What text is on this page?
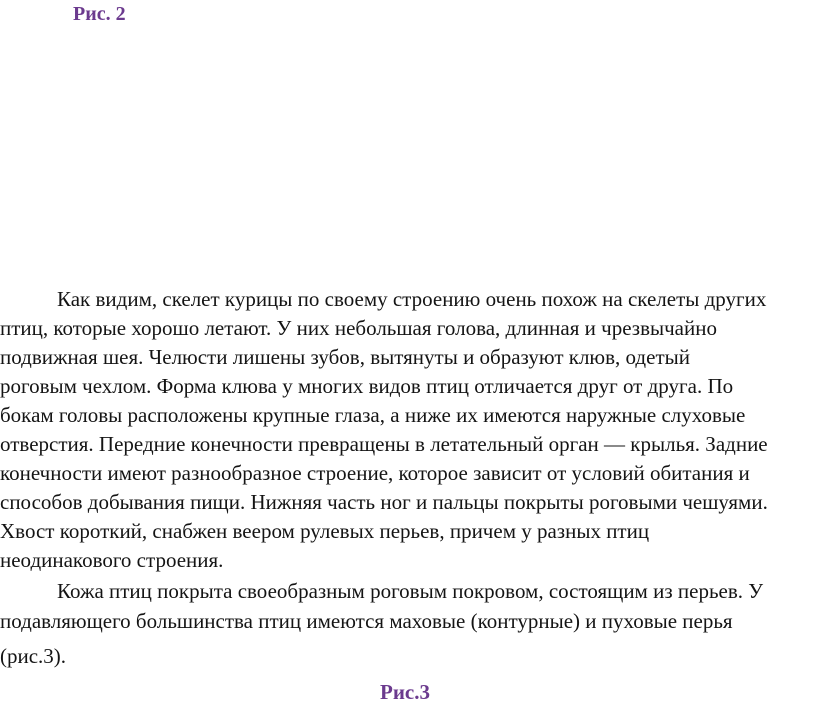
Рис. 2
Как видим, скелет курицы по своему строению очень похож на скелеты других
птиц, которые хорошо летают. У них небольшая голова, длинная и чрезвычайно
подвижная шея. Челюсти лишены зубов, вытянуты и образуют клюв, одетый
роговым чехлом. Форма клюва у многих видов птиц отличается друг от друга. По
бокам головы расположены крупные глаза, а ниже их имеются наружные слуховые
отверстия. Передние конечности превращены в летательный орган — крылья. Задние
конечности имеют разнообразное строение, которое зависит от условий обитания и
способов добывания пищи. Нижняя часть ног и пальцы покрыты роговыми чешуями.
Хвост короткий, снабжен веером рулевых перьев, причем у разных птиц
неодинакового строения.
Кожа птиц покрыта своеобразным роговым покровом, состоящим из перьев. У
подавляющего большинства птиц имеются маховые (контурные) и пуховые перья
(рис.3).
Рис.3
